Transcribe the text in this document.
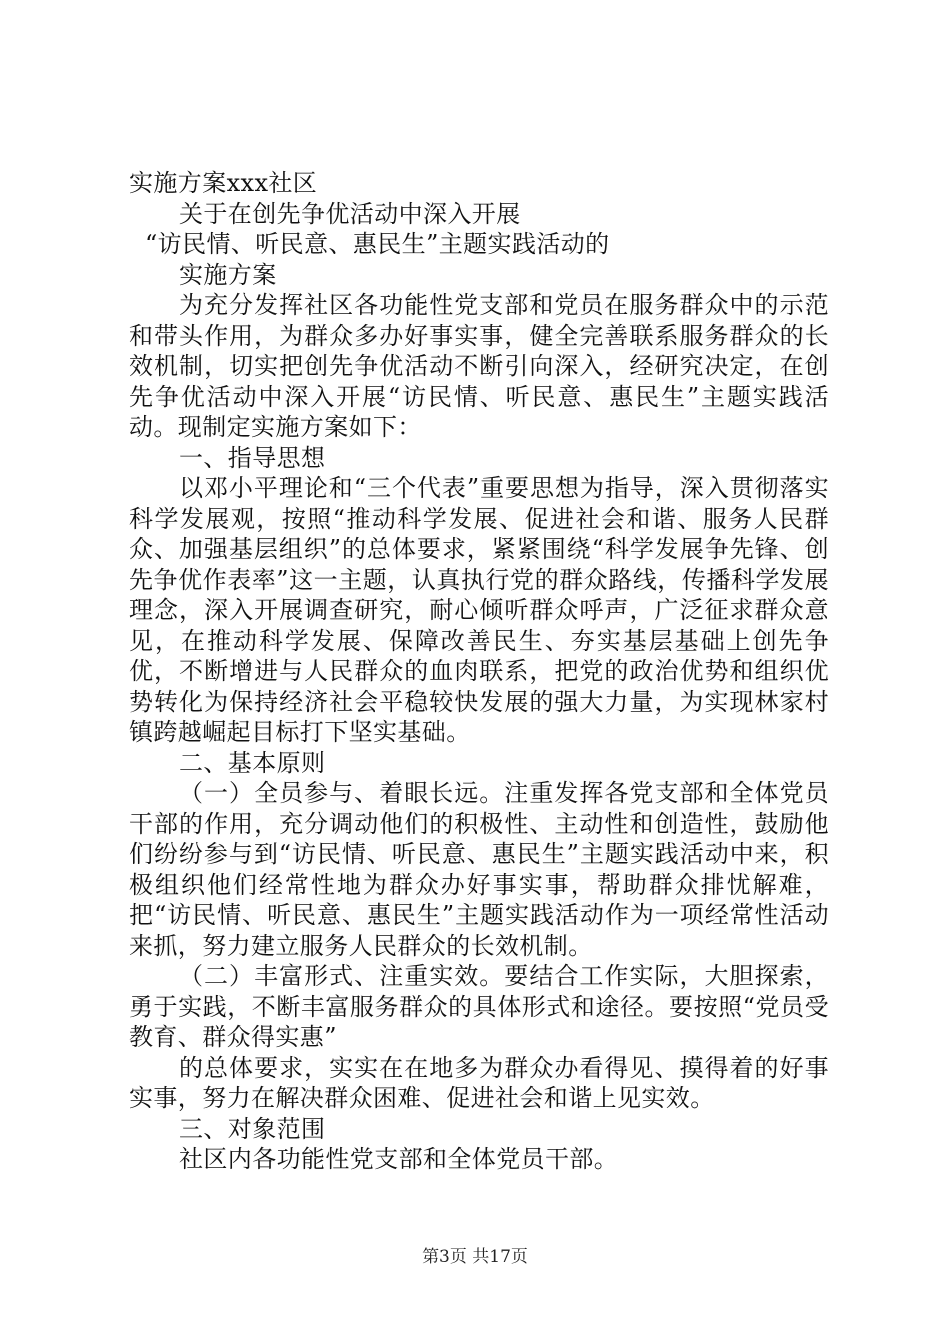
实施方案xxx社区

关于在创先争优活动中深入开展

“访民情、听民意、惠民生”主题实践活动的

实施方案

为充分发挥社区各功能性党支部和党员在服务群众中的示范和带头作用，为群众多办好事实事，健全完善联系服务群众的长效机制，切实把创先争优活动不断引向深入，经研究决定，在创先争优活动中深入开展“访民情、听民意、惠民生”主题实践活动。现制定实施方案如下：

一、指导思想

以邓小平理论和“三个代表”重要思想为指导，深入贯彻落实科学发展观，按照“推动科学发展、促进社会和谐、服务人民群众、加强基层组织”的总体要求，紧紧围绕“科学发展争先锋、创先争优作表率”这一主题，认真执行党的群众路线，传播科学发展理念，深入开展调查研究，耐心倾听群众呼声，广泛征求群众意见，在推动科学发展、保障改善民生、夯实基层基础上创先争优，不断增进与人民群众的血肉联系，把党的政治优势和组织优势转化为保持经济社会平稳较快发展的强大力量，为实现林家村镇跨越崛起目标打下坚实基础。

二、基本原则

（一）全员参与、着眼长远。注重发挥各党支部和全体党员干部的作用，充分调动他们的积极性、主动性和创造性，鼓励他们纷纷参与到“访民情、听民意、惠民生”主题实践活动中来，积极组织他们经常性地为群众办好事实事，帮助群众排忧解难，把“访民情、听民意、惠民生”主题实践活动作为一项经常性活动来抓，努力建立服务人民群众的长效机制。

（二）丰富形式、注重实效。要结合工作实际，大胆探索，勇于实践，不断丰富服务群众的具体形式和途径。要按照“党员受教育、群众得实惠”

的总体要求，实实在在地多为群众办看得见、摸得着的好事实事，努力在解决群众困难、促进社会和谐上见实效。

三、对象范围

社区内各功能性党支部和全体党员干部。

第3页 共17页
